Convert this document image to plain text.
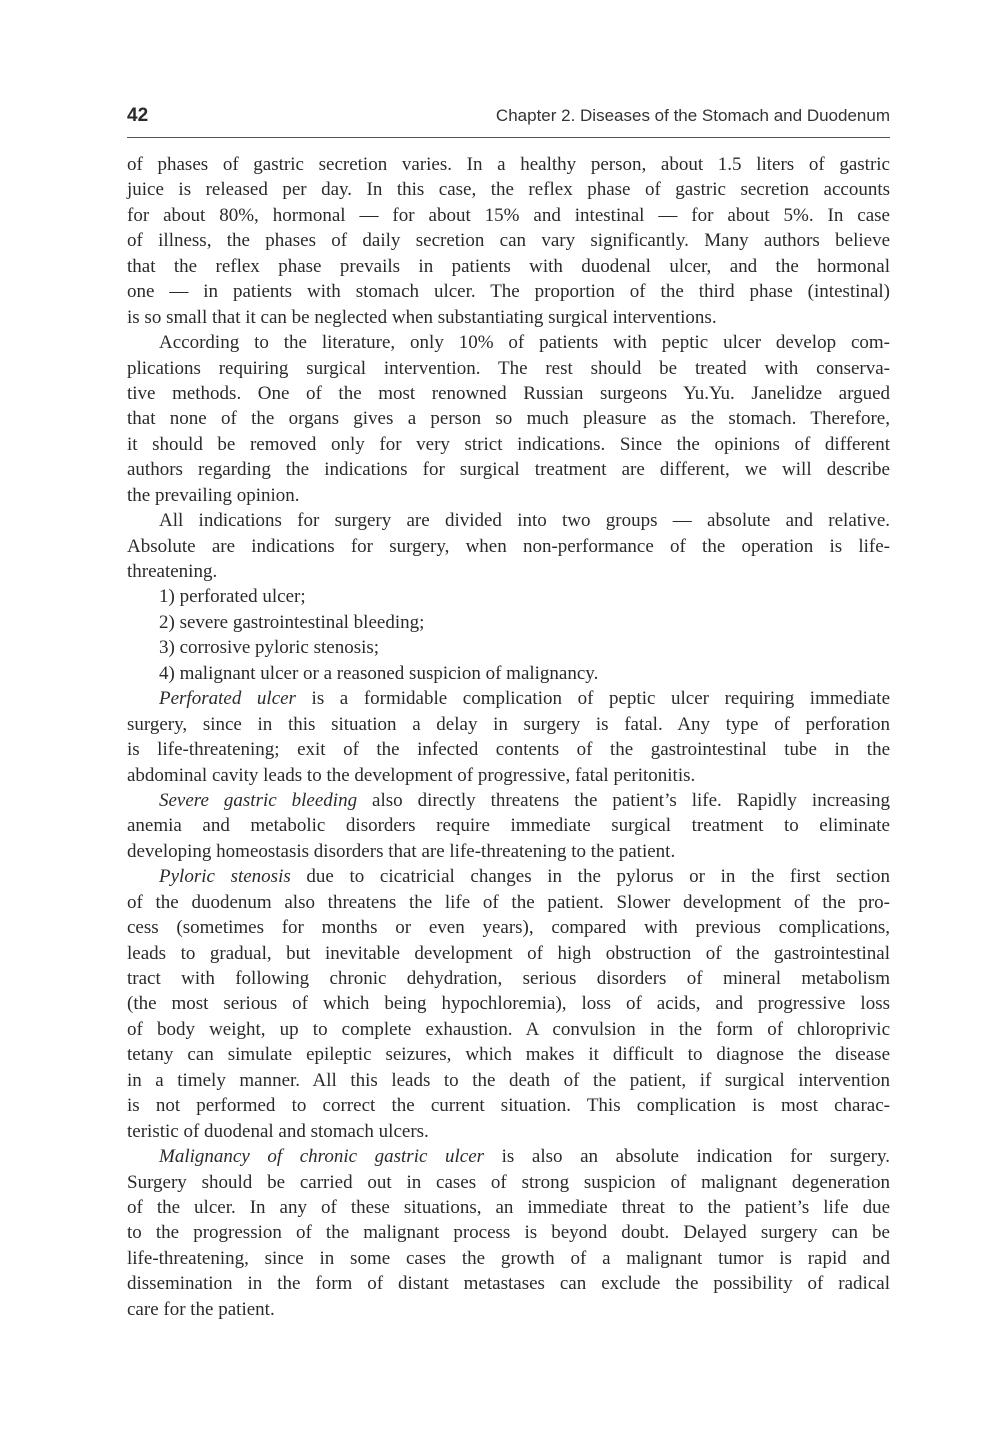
42	Chapter 2. Diseases of the Stomach and Duodenum
of phases of gastric secretion varies. In a healthy person, about 1.5 liters of gastric
juice is released per day. In this case, the reflex phase of gastric secretion accounts
for about 80%, hormonal — for about 15% and intestinal — for about 5%. In case
of illness, the phases of daily secretion can vary significantly. Many authors believe
that the reflex phase prevails in patients with duodenal ulcer, and the hormonal
one — in patients with stomach ulcer. The proportion of the third phase (intestinal)
is so small that it can be neglected when substantiating surgical interventions.
According to the literature, only 10% of patients with peptic ulcer develop com-
plications requiring surgical intervention. The rest should be treated with conserva-
tive methods. One of the most renowned Russian surgeons Yu.Yu. Janelidze argued
that none of the organs gives a person so much pleasure as the stomach. Therefore,
it should be removed only for very strict indications. Since the opinions of different
authors regarding the indications for surgical treatment are different, we will describe
the prevailing opinion.
All indications for surgery are divided into two groups — absolute and relative.
Absolute are indications for surgery, when non-performance of the operation is life-
threatening.
1) perforated ulcer;
2) severe gastrointestinal bleeding;
3) corrosive pyloric stenosis;
4) malignant ulcer or a reasoned suspicion of malignancy.
Perforated ulcer is a formidable complication of peptic ulcer requiring immediate
surgery, since in this situation a delay in surgery is fatal. Any type of perforation
is life-threatening; exit of the infected contents of the gastrointestinal tube in the
abdominal cavity leads to the development of progressive, fatal peritonitis.
Severe gastric bleeding also directly threatens the patient’s life. Rapidly increasing
anemia and metabolic disorders require immediate surgical treatment to eliminate
developing homeostasis disorders that are life-threatening to the patient.
Pyloric stenosis due to cicatricial changes in the pylorus or in the first section
of the duodenum also threatens the life of the patient. Slower development of the pro-
cess (sometimes for months or even years), compared with previous complications,
leads to gradual, but inevitable development of high obstruction of the gastrointestinal
tract with following chronic dehydration, serious disorders of mineral metabolism
(the most serious of which being hypochloremia), loss of acids, and progressive loss
of body weight, up to complete exhaustion. A convulsion in the form of chloroprivic
tetany can simulate epileptic seizures, which makes it difficult to diagnose the disease
in a timely manner. All this leads to the death of the patient, if surgical intervention
is not performed to correct the current situation. This complication is most charac-
teristic of duodenal and stomach ulcers.
Malignancy of chronic gastric ulcer is also an absolute indication for surgery.
Surgery should be carried out in cases of strong suspicion of malignant degeneration
of the ulcer. In any of these situations, an immediate threat to the patient’s life due
to the progression of the malignant process is beyond doubt. Delayed surgery can be
life-threatening, since in some cases the growth of a malignant tumor is rapid and
dissemination in the form of distant metastases can exclude the possibility of radical
care for the patient.
